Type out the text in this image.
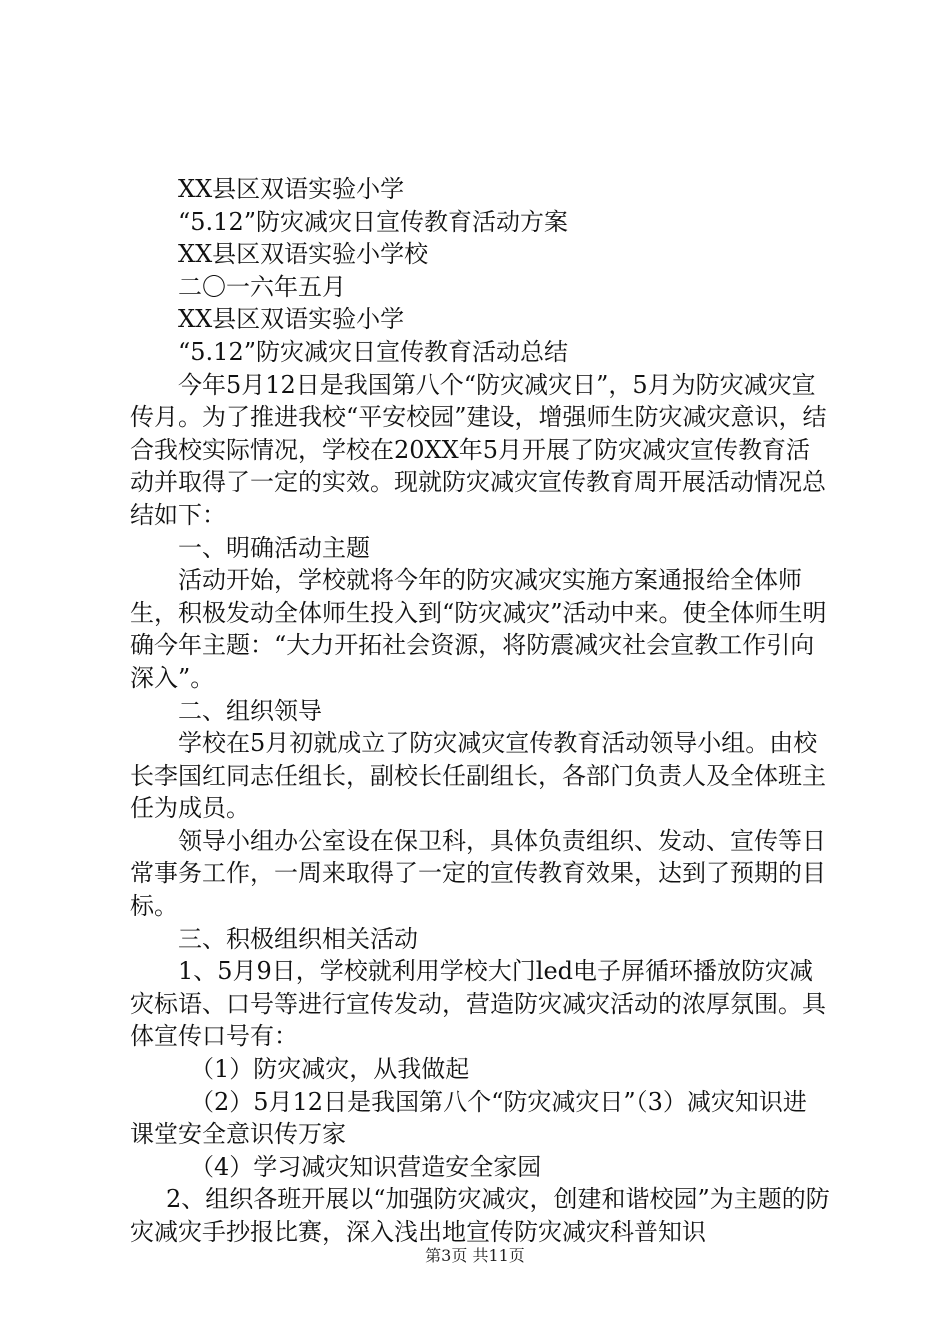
XX县区双语实验小学

“5.12”防灾减灾日宣传教育活动方案

XX县区双语实验小学校

二〇一六年五月

XX县区双语实验小学

“5.12”防灾减灾日宣传教育活动总结

今年5月12日是我国第八个“防灾减灾日”，5月为防灾减灾宣传月。为了推进我校“平安校园”建设，增强师生防灾减灾意识，结合我校实际情况，学校在20XX年5月开展了防灾减灾宣传教育活动并取得了一定的实效。现就防灾减灾宣传教育周开展活动情况总结如下：

一、明确活动主题

活动开始，学校就将今年的防灾减灾实施方案通报给全体师生，积极发动全体师生投入到“防灾减灾”活动中来。使全体师生明确今年主题：“大力开拓社会资源，将防震减灾社会宣教工作引向深入”。

二、组织领导

学校在5月初就成立了防灾减灾宣传教育活动领导小组。由校长李国红同志任组长，副校长任副组长，各部门负责人及全体班主任为成员。

领导小组办公室设在保卫科，具体负责组织、发动、宣传等日常事务工作，一周来取得了一定的宣传教育效果，达到了预期的目标。

三、积极组织相关活动

1、5月9日，学校就利用学校大门led电子屏循环播放防灾减灾标语、口号等进行宣传发动，营造防灾减灾活动的浓厚氛围。具体宣传口号有：

（1）防灾减灾，从我做起

（2）5月12日是我国第八个“防灾减灾日”（3）减灾知识进课堂安全意识传万家

（4）学习减灾知识营造安全家园

2、组织各班开展以“加强防灾减灾，创建和谐校园”为主题的防灾减灾手抄报比赛，深入浅出地宣传防灾减灾科普知识

第3页 共11页
